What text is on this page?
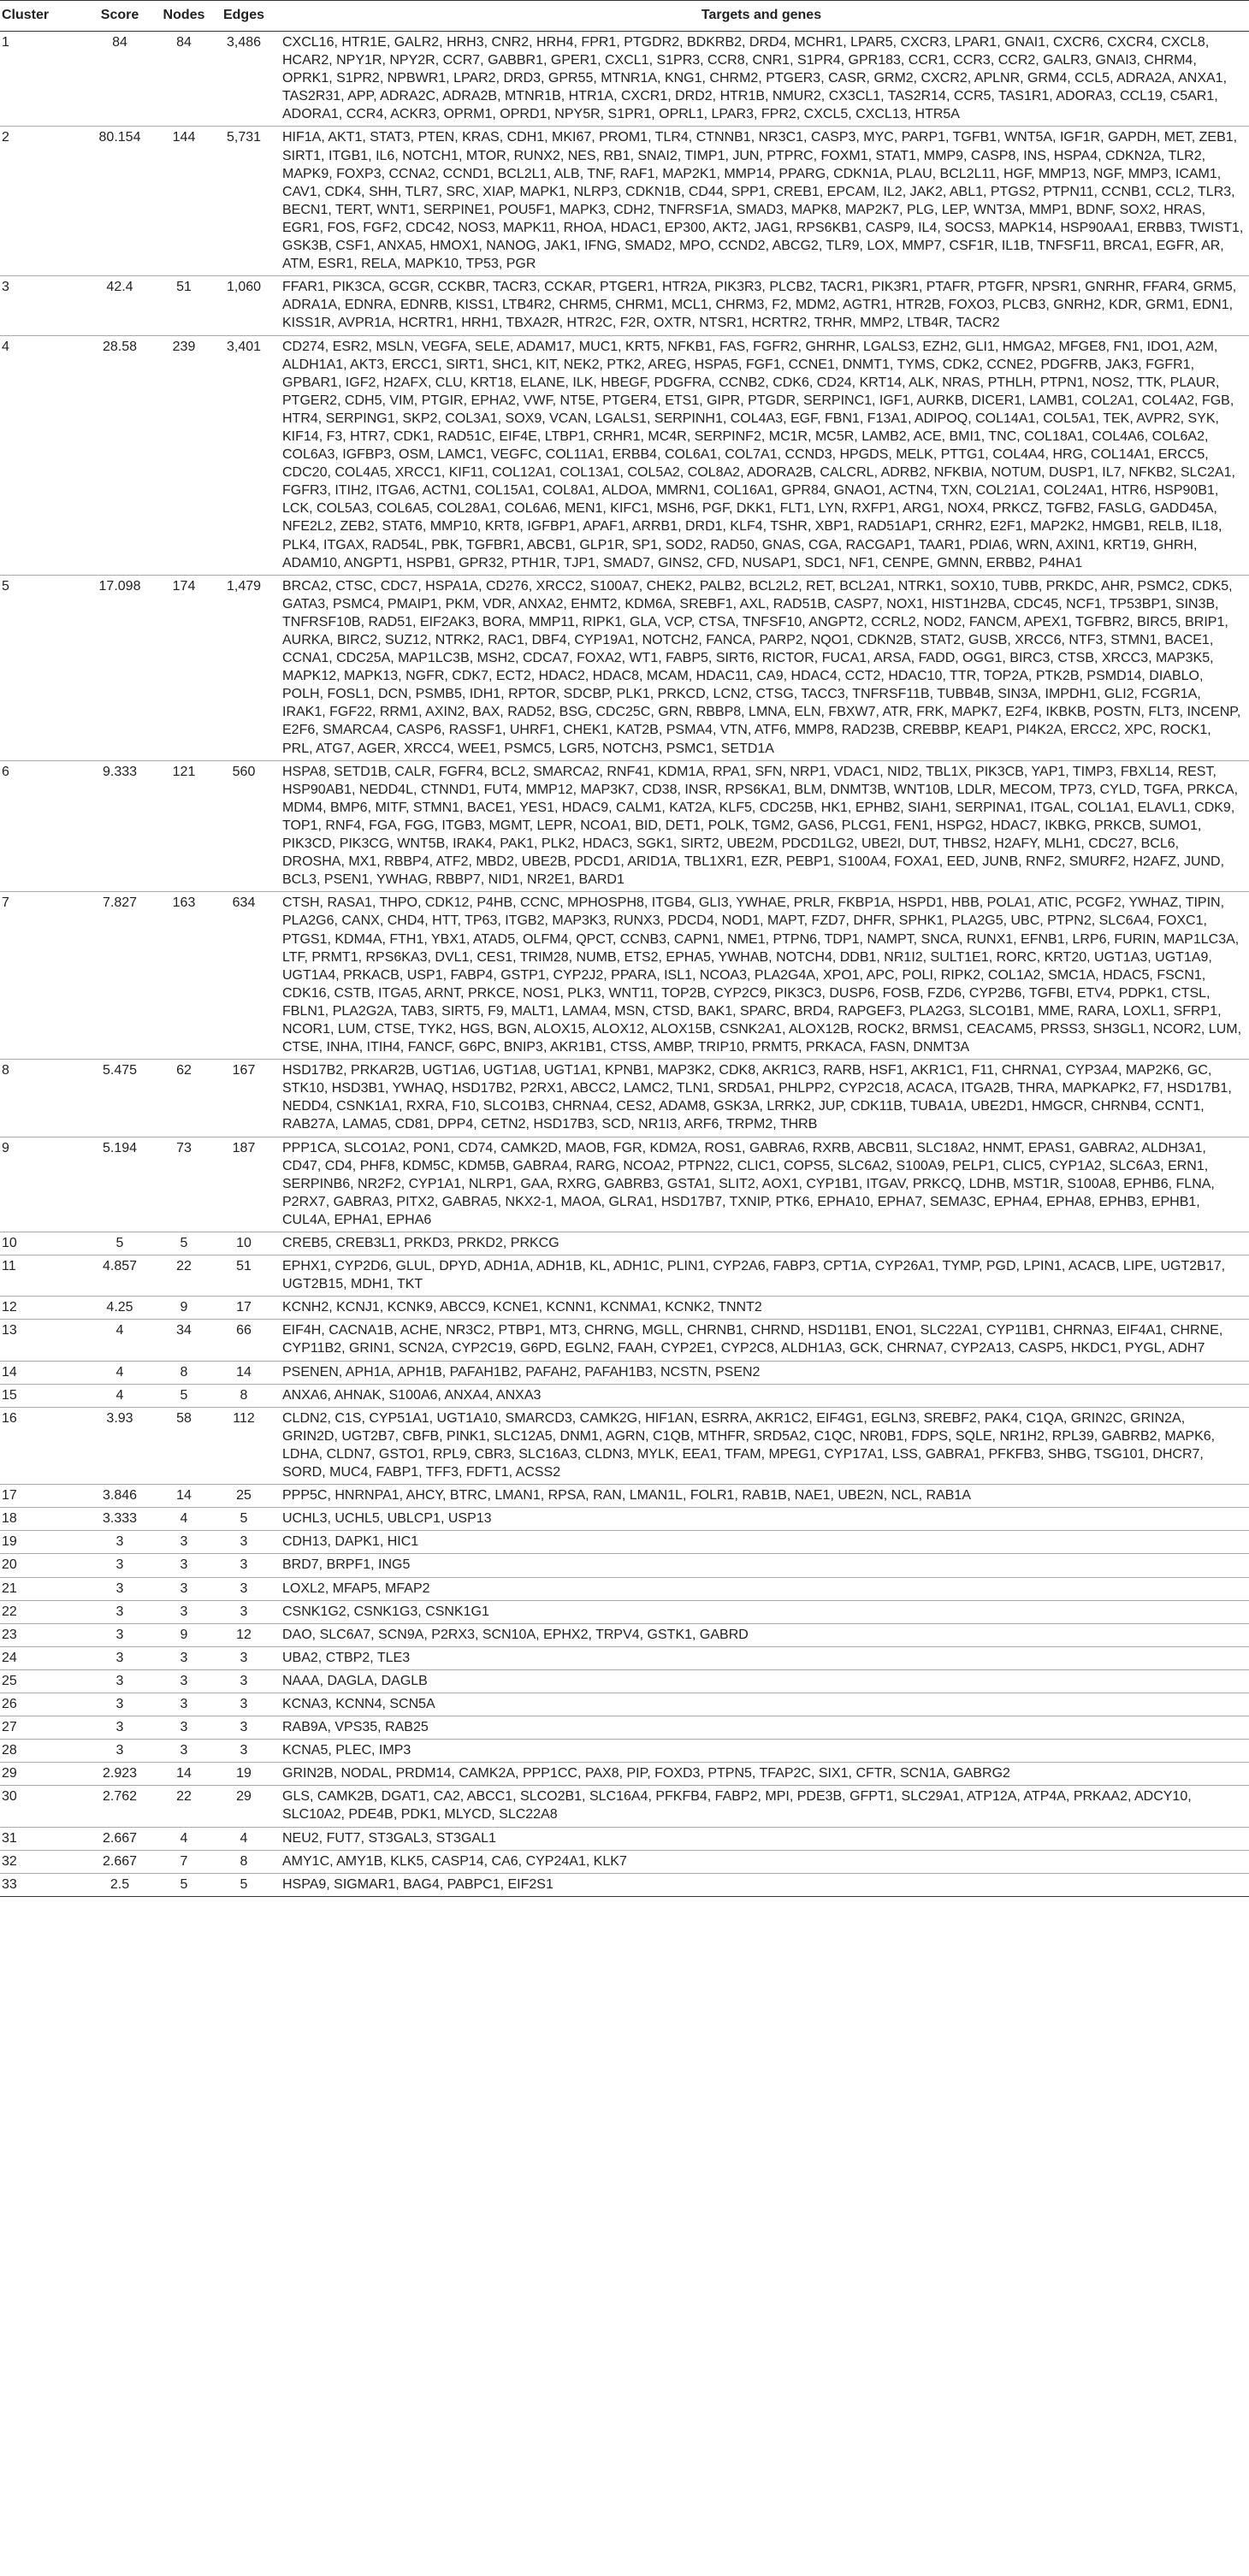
Cluster	Score	Nodes	Edges	Targets and genes
1	84	84	3,486	CXCL16, HTR1E, GALR2, HRH3, CNR2, HRH4, FPR1, PTGDR2, BDKRB2, DRD4, MCHR1, LPAR5, CXCR3, LPAR1, GNAI1, CXCR6, CXCR4, CXCL8, HCAR2, NPY1R, NPY2R, CCR7, GABBR1, GPER1, CXCL1, S1PR3, CCR8, CNR1, S1PR4, GPR183, CCR1, CCR3, CCR2, GALR3, GNAI3, CHRM4, OPRK1, S1PR2, NPBWR1, LPAR2, DRD3, GPR55, MTNR1A, KNG1, CHRM2, PTGER3, CASR, GRM2, CXCR2, APLNR, GRM4, CCL5, ADRA2A, ANXA1, TAS2R31, APP, ADRA2C, ADRA2B, MTNR1B, HTR1A, CXCR1, DRD2, HTR1B, NMUR2, CX3CL1, TAS2R14, CCR5, TAS1R1, ADORA3, CCL19, C5AR1, ADORA1, CCR4, ACKR3, OPRM1, OPRD1, NPY5R, S1PR1, OPRL1, LPAR3, FPR2, CXCL5, CXCL13, HTR5A
2	80.154	144	5,731	HIF1A, AKT1, STAT3, PTEN, KRAS, CDH1, MKI67, PROM1, TLR4, CTNNB1, NR3C1, CASP3, MYC, PARP1, TGFB1, WNT5A, IGF1R, GAPDH, MET, ZEB1, SIRT1, ITGB1, IL6, NOTCH1, MTOR, RUNX2, NES, RB1, SNAI2, TIMP1, JUN, PTPRC, FOXM1, STAT1, MMP9, CASP8, INS, HSPA4, CDKN2A, TLR2, MAPK9, FOXP3, CCNA2, CCND1, BCL2L1, ALB, TNF, RAF1, MAP2K1, MMP14, PPARG, CDKN1A, PLAU, BCL2L11, HGF, MMP13, NGF, MMP3, ICAM1, CAV1, CDK4, SHH, TLR7, SRC, XIAP, MAPK1, NLRP3, CDKN1B, CD44, SPP1, CREB1, EPCAM, IL2, JAK2, ABL1, PTGS2, PTPN11, CCNB1, CCL2, TLR3, BECN1, TERT, WNT1, SERPINE1, POU5F1, MAPK3, CDH2, TNFRSF1A, SMAD3, MAPK8, MAP2K7, PLG, LEP, WNT3A, MMP1, BDNF, SOX2, HRAS, EGR1, FOS, FGF2, CDC42, NOS3, MAPK11, RHOA, HDAC1, EP300, AKT2, JAG1, RPS6KB1, CASP9, IL4, SOCS3, MAPK14, HSP90AA1, ERBB3, TWIST1, GSK3B, CSF1, ANXA5, HMOX1, NANOG, JAK1, IFNG, SMAD2, MPO, CCND2, ABCG2, TLR9, LOX, MMP7, CSF1R, IL1B, TNFSF11, BRCA1, EGFR, AR, ATM, ESR1, RELA, MAPK10, TP53, PGR
3	42.4	51	1,060	FFAR1, PIK3CA, GCGR, CCKBR, TACR3, CCKAR, PTGER1, HTR2A, PIK3R3, PLCB2, TACR1, PIK3R1, PTAFR, PTGFR, NPSR1, GNRHR, FFAR4, GRM5, ADRA1A, EDNRA, EDNRB, KISS1, LTB4R2, CHRM5, CHRM1, MCL1, CHRM3, F2, MDM2, AGTR1, HTR2B, FOXO3, PLCB3, GNRH2, KDR, GRM1, EDN1, KISS1R, AVPR1A, HCRTR1, HRH1, TBXA2R, HTR2C, F2R, OXTR, NTSR1, HCRTR2, TRHR, MMP2, LTB4R, TACR2
4	28.58	239	3,401	CD274, ESR2, MSLN, VEGFA, SELE, ADAM17, MUC1, KRT5, NFKB1, FAS, FGFR2, GHRHR, LGALS3, EZH2, GLI1, HMGA2, MFGE8, FN1, IDO1, A2M, ALDH1A1, AKT3, ERCC1, SIRT1, SHC1, KIT, NEK2, PTK2, AREG, HSPA5, FGF1, CCNE1, DNMT1, TYMS, CDK2, CCNE2, PDGFRB, JAK3, FGFR1, GPBAR1, IGF2, H2AFX, CLU, KRT18, ELANE, ILK, HBEGF, PDGFRA, CCNB2, CDK6, CD24, KRT14, ALK, NRAS, PTHLH, PTPN1, NOS2, TTK, PLAUR, PTGER2, CDH5, VIM, PTGIR, EPHA2, VWF, NT5E, PTGER4, ETS1, GIPR, PTGDR, SERPINC1, IGF1, AURKB, DICER1, LAMB1, COL2A1, COL4A2, FGB, HTR4, SERPING1, SKP2, COL3A1, SOX9, VCAN, LGALS1, SERPINH1, COL4A3, EGF, FBN1, F13A1, ADIPOQ, COL14A1, COL5A1, TEK, AVPR2, SYK, KIF14, F3, HTR7, CDK1, RAD51C, EIF4E, LTBP1, CRHR1, MC4R, SERPINF2, MC1R, MC5R, LAMB2, ACE, BMI1, TNC, COL18A1, COL4A6, COL6A2, COL6A3, IGFBP3, OSM, LAMC1, VEGFC, COL11A1, ERBB4, COL6A1, COL7A1, CCND3, HPGDS, MELK, PTTG1, COL4A4, HRG, COL14A1, ERCC5, CDC20, COL4A5, XRCC1, KIF11, COL12A1, COL13A1, COL5A2, COL8A2, ADORA2B, CALCRL, ADRB2, NFKBIA, NOTUM, DUSP1, IL7, NFKB2, SLC2A1, FGFR3, ITIH2, ITGA6, ACTN1, COL15A1, COL8A1, ALDOA, MMRN1, COL16A1, GPR84, GNAO1, ACTN4, TXN, COL21A1, COL24A1, HTR6, HSP90B1, LCK, COL5A3, COL6A5, COL28A1, COL6A6, MEN1, KIFC1, MSH6, PGF, DKK1, FLT1, LYN, RXFP1, ARG1, NOX4, PRKCZ, TGFB2, FASLG, GADD45A, NFE2L2, ZEB2, STAT6, MMP10, KRT8, IGFBP1, APAF1, ARRB1, DRD1, KLF4, TSHR, XBP1, RAD51AP1, CRHR2, E2F1, MAP2K2, HMGB1, RELB, IL18, PLK4, ITGAX, RAD54L, PBK, TGFBR1, ABCB1, GLP1R, SP1, SOD2, RAD50, GNAS, CGA, RACGAP1, TAAR1, PDIA6, WRN, AXIN1, KRT19, GHRH, ADAM10, ANGPT1, HSPB1, GPR32, PTH1R, TJP1, SMAD7, GINS2, CFD, NUSAP1, SDC1, NF1, CENPE, GMNN, ERBB2, P4HA1
5	17.098	174	1,479	BRCA2, CTSC, CDC7, HSPA1A, CD276, XRCC2, S100A7, CHEK2, PALB2, BCL2L2, RET, BCL2A1, NTRK1, SOX10, TUBB, PRKDC, AHR, PSMC2, CDK5, GATA3, PSMC4, PMAIP1, PKM, VDR, ANXA2, EHMT2, KDM6A, SREBF1, AXL, RAD51B, CASP7, NOX1, HIST1H2BA, CDC45, NCF1, TP53BP1, SIN3B, TNFRSF10B, RAD51, EIF2AK3, BORA, MMP11, RIPK1, GLA, VCP, CTSA, TNFSF10, ANGPT2, CCRL2, NOD2, FANCM, APEX1, TGFBR2, BIRC5, BRIP1, AURKA, BIRC2, SUZ12, NTRK2, RAC1, DBF4, CYP19A1, NOTCH2, FANCA, PARP2, NQO1, CDKN2B, STAT2, GUSB, XRCC6, NTF3, STMN1, BACE1, CCNA1, CDC25A, MAP1LC3B, MSH2, CDCA7, FOXA2, WT1, FABP5, SIRT6, RICTOR, FUCA1, ARSA, FADD, OGG1, BIRC3, CTSB, XRCC3, MAP3K5, MAPK12, MAPK13, NGFR, CDK7, ECT2, HDAC2, HDAC8, MCAM, HDAC11, CA9, HDAC4, CCT2, HDAC10, TTR, TOP2A, PTK2B, PSMD14, DIABLO, POLH, FOSL1, DCN, PSMB5, IDH1, RPTOR, SDCBP, PLK1, PRKCD, LCN2, CTSG, TACC3, TNFRSF11B, TUBB4B, SIN3A, IMPDH1, GLI2, FCGR1A, IRAK1, FGF22, RRM1, AXIN2, BAX, RAD52, BSG, CDC25C, GRN, RBBP8, LMNA, ELN, FBXW7, ATR, FRK, MAPK7, E2F4, IKBKB, POSTN, FLT3, INCENP, E2F6, SMARCA4, CASP6, RASSF1, UHRF1, CHEK1, KAT2B, PSMA4, VTN, ATF6, MMP8, RAD23B, CREBBP, KEAP1, PI4K2A, ERCC2, XPC, ROCK1, PRL, ATG7, AGER, XRCC4, WEE1, PSMC5, LGR5, NOTCH3, PSMC1, SETD1A
6	9.333	121	560	HSPA8, SETD1B, CALR, FGFR4, BCL2, SMARCA2, RNF41, KDM1A, RPA1, SFN, NRP1, VDAC1, NID2, TBL1X, PIK3CB, YAP1, TIMP3, FBXL14, REST, HSP90AB1, NEDD4L, CTNND1, FUT4, MMP12, MAP3K7, CD38, INSR, RPS6KA1, BLM, DNMT3B, WNT10B, LDLR, MECOM, TP73, CYLD, TGFA, PRKCA, MDM4, BMP6, MITF, STMN1, BACE1, YES1, HDAC9, CALM1, KAT2A, KLF5, CDC25B, HK1, EPHB2, SIAH1, SERPINA1, ITGAL, COL1A1, ELAVL1, CDK9, TOP1, RNF4, FGA, FGG, ITGB3, MGMT, LEPR, NCOA1, BID, DET1, POLK, TGM2, GAS6, PLCG1, FEN1, HSPG2, HDAC7, IKBKG, PRKCB, SUMO1, PIK3CD, PIK3CG, WNT5B, IRAK4, PAK1, PLK2, HDAC3, SGK1, SIRT2, UBE2M, PDCD1LG2, UBE2I, DUT, THBS2, H2AFY, MLH1, CDC27, BCL6, DROSHA, MX1, RBBP4, ATF2, MBD2, UBE2B, PDCD1, ARID1A, TBL1XR1, EZR, PEBP1, S100A4, FOXA1, EED, JUNB, RNF2, SMURF2, H2AFZ, JUND, BCL3, PSEN1, YWHAG, RBBP7, NID1, NR2E1, BARD1
7	7.827	163	634	CTSH, RASA1, THPO, CDK12, P4HB, CCNC, MPHOSPH8, ITGB4, GLI3, YWHAE, PRLR, FKBP1A, HSPD1, HBB, POLA1, ATIC, PCGF2, YWHAZ, TIPIN, PLA2G6, CANX, CHD4, HTT, TP63, ITGB2, MAP3K3, RUNX3, PDCD4, NOD1, MAPT, FZD7, DHFR, SPHK1, PLA2G5, UBC, PTPN2, SLC6A4, FOXC1, PTGS1, KDM4A, FTH1, YBX1, ATAD5, OLFM4, QPCT, CCNB3, CAPN1, NME1, PTPN6, TDP1, NAMPT, SNCA, RUNX1, EFNB1, LRP6, FURIN, MAP1LC3A, LTF, PRMT1, RPS6KA3, DVL1, CES1, TRIM28, NUMB, ETS2, EPHA5, YWHAB, NOTCH4, DDB1, NR1I2, SULT1E1, RORC, KRT20, UGT1A3, UGT1A9, UGT1A4, PRKACB, USP1, FABP4, GSTP1, CYP2J2, PPARA, ISL1, NCOA3, PLA2G4A, XPO1, APC, POLI, RIPK2, COL1A2, SMC1A, HDAC5, FSCN1, CDK16, CSTB, ITGA5, ARNT, PRKCE, NOS1, PLK3, WNT11, TOP2B, CYP2C9, PIK3C3, DUSP6, FOSB, FZD6, CYP2B6, TGFBI, ETV4, PDPK1, CTSL, FBLN1, PLA2G2A, TAB3, SIRT5, F9, MALT1, LAMA4, MSN, CTSD, BAK1, SPARC, BRD4, RAPGEF3, PLA2G3, SLCO1B1, MME, RARA, LOXL1, SFRP1, NCOR1, LUM, CTSE, TYK2, HGS, BGN, ALOX15, ALOX12, ALOX15B, CSNK2A1, ALOX12B, ROCK2, BRMS1, CEACAM5, PRSS3, SH3GL1, NCOR2, LUM, CTSE, INHA, ITIH4, FANCF, G6PC, BNIP3, AKR1B1, CTSS, AMBP, TRIP10, PRMT5, PRKACA, FASN, DNMT3A
8	5.475	62	167	HSD17B2, PRKAR2B, UGT1A6, UGT1A8, UGT1A1, KPNB1, MAP3K2, CDK8, AKR1C3, RARB, HSF1, AKR1C1, F11, CHRNA1, CYP3A4, MAP2K6, GC, STK10, HSD3B1, YWHAQ, HSD17B2, P2RX1, ABCC2, LAMC2, TLN1, SRD5A1, PHLPP2, CYP2C18, ACACA, ITGA2B, THRA, MAPKAPK2, F7, HSD17B1, NEDD4, CSNK1A1, RXRA, F10, SLCO1B3, CHRNA4, CES2, ADAM8, GSK3A, LRRK2, JUP, CDK11B, TUBA1A, UBE2D1, HMGCR, CHRNB4, CCNT1, RAB27A, LAMA5, CD81, DPP4, CETN2, HSD17B3, SCD, NR1I3, ARF6, TRPM2, THRB
9	5.194	73	187	PPP1CA, SLCO1A2, PON1, CD74, CAMK2D, MAOB, FGR, KDM2A, ROS1, GABRA6, RXRB, ABCB11, SLC18A2, HNMT, EPAS1, GABRA2, ALDH3A1, CD47, CD4, PHF8, KDM5C, KDM5B, GABRA4, RARG, NCOA2, PTPN22, CLIC1, COPS5, SLC6A2, S100A9, PELP1, CLIC5, CYP1A2, SLC6A3, ERN1, SERPINB6, NR2F2, CYP1A1, NLRP1, GAA, RXRG, GABRB3, GSTA1, SLIT2, AOX1, CYP1B1, ITGAV, PRKCQ, LDHB, MST1R, S100A8, EPHB6, FLNA, P2RX7, GABRA3, PITX2, GABRA5, NKX2-1, MAOA, GLRA1, HSD17B7, TXNIP, PTK6, EPHA10, EPHA7, SEMA3C, EPHA4, EPHA8, EPHB3, EPHB1, CUL4A, EPHA1, EPHA6
10	5	5	10	CREB5, CREB3L1, PRKD3, PRKD2, PRKCG
11	4.857	22	51	EPHX1, CYP2D6, GLUL, DPYD, ADH1A, ADH1B, KL, ADH1C, PLIN1, CYP2A6, FABP3, CPT1A, CYP26A1, TYMP, PGD, LPIN1, ACACB, LIPE, UGT2B17, UGT2B15, MDH1, TKT
12	4.25	9	17	KCNH2, KCNJ1, KCNK9, ABCC9, KCNE1, KCNN1, KCNMA1, KCNK2, TNNT2
13	4	34	66	EIF4H, CACNA1B, ACHE, NR3C2, PTBP1, MT3, CHRNG, MGLL, CHRNB1, CHRND, HSD11B1, ENO1, SLC22A1, CYP11B1, CHRNA3, EIF4A1, CHRNE, CYP11B2, GRIN1, SCN2A, CYP2C19, G6PD, EGLN2, FAAH, CYP2E1, CYP2C8, ALDH1A3, GCK, CHRNA7, CYP2A13, CASP5, HKDC1, PYGL, ADH7
14	4	8	14	PSENEN, APH1A, APH1B, PAFAH1B2, PAFAH2, PAFAH1B3, NCSTN, PSEN2
15	4	5	8	ANXA6, AHNAK, S100A6, ANXA4, ANXA3
16	3.93	58	112	CLDN2, C1S, CYP51A1, UGT1A10, SMARCD3, CAMK2G, HIF1AN, ESRRA, AKR1C2, EIF4G1, EGLN3, SREBF2, PAK4, C1QA, GRIN2C, GRIN2A, GRIN2D, UGT2B7, CBFB, PINK1, SLC12A5, DNM1, AGRN, C1QB, MTHFR, SRD5A2, C1QC, NR0B1, FDPS, SQLE, NR1H2, RPL39, GABRB2, MAPK6, LDHA, CLDN7, GSTO1, RPL9, CBR3, SLC16A3, CLDN3, MYLK, EEA1, TFAM, MPEG1, CYP17A1, LSS, GABRA1, PFKFB3, SHBG, TSG101, DHCR7, SORD, MUC4, FABP1, TFF3, FDFT1, ACSS2
17	3.846	14	25	PPP5C, HNRNPA1, AHCY, BTRC, LMAN1, RPSA, RAN, LMAN1L, FOLR1, RAB1B, NAE1, UBE2N, NCL, RAB1A
18	3.333	4	5	UCHL3, UCHL5, UBLCP1, USP13
19	3	3	3	CDH13, DAPK1, HIC1
20	3	3	3	BRD7, BRPF1, ING5
21	3	3	3	LOXL2, MFAP5, MFAP2
22	3	3	3	CSNK1G2, CSNK1G3, CSNK1G1
23	3	9	12	DAO, SLC6A7, SCN9A, P2RX3, SCN10A, EPHX2, TRPV4, GSTK1, GABRD
24	3	3	3	UBA2, CTBP2, TLE3
25	3	3	3	NAAA, DAGLA, DAGLB
26	3	3	3	KCNA3, KCNN4, SCN5A
27	3	3	3	RAB9A, VPS35, RAB25
28	3	3	3	KCNA5, PLEC, IMP3
29	2.923	14	19	GRIN2B, NODAL, PRDM14, CAMK2A, PPP1CC, PAX8, PIP, FOXD3, PTPN5, TFAP2C, SIX1, CFTR, SCN1A, GABRG2
30	2.762	22	29	GLS, CAMK2B, DGAT1, CA2, ABCC1, SLCO2B1, SLC16A4, PFKFB4, FABP2, MPI, PDE3B, GFPT1, SLC29A1, ATP12A, ATP4A, PRKAA2, ADCY10, SLC10A2, PDE4B, PDK1, MLYCD, SLC22A8
31	2.667	4	4	NEU2, FUT7, ST3GAL3, ST3GAL1
32	2.667	7	8	AMY1C, AMY1B, KLK5, CASP14, CA6, CYP24A1, KLK7
33	2.5	5	5	HSPA9, SIGMAR1, BAG4, PABPC1, EIF2S1
